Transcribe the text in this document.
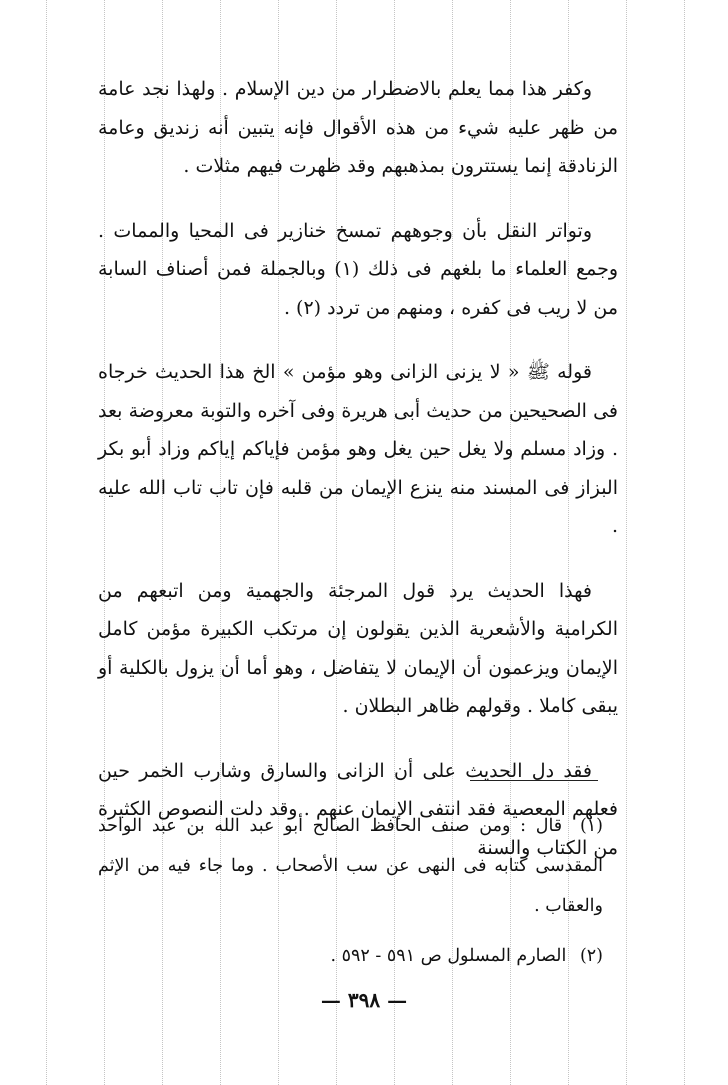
وكفر هذا مما يعلم بالاضطرار من دين الإسلام . ولهذا نجد عامة من ظهر عليه شيء من هذه الأقوال فإنه يتبين أنه زنديق وعامة الزنادقة إنما يستترون بمذهبهم وقد ظهرت فيهم مثلات .

وتواتر النقل بأن وجوههم تمسخ خنازير فى المحيا والممات . وجمع العلماء ما بلغهم فى ذلك (١) وبالجملة فمن أصناف السابة من لا ريب فى كفره ، ومنهم من تردد (٢) .

قوله ﷺ « لا يزنى الزانى وهو مؤمن » الخ هذا الحديث خرجاه فى الصحيحين من حديث أبى هريرة وفى آخره والتوبة معروضة بعد . وزاد مسلم ولا يغل حين يغل وهو مؤمن فإياكم إياكم وزاد أبو بكر البزاز فى المسند منه ينزع الإيمان من قلبه فإن تاب تاب الله عليه .

فهذا الحديث يرد قول المرجئة والجهمية ومن اتبعهم من الكرامية والأشعرية الذين يقولون إن مرتكب الكبيرة مؤمن كامل الإيمان ويزعمون أن الإيمان لا يتفاضل ، وهو أما أن يزول بالكلية أو يبقى كاملا . وقولهم ظاهر البطلان .

فقد دل الحديث على أن الزانى والسارق وشارب الخمر حين فعلهم المعصية فقد انتفى الإيمان عنهم . وقد دلت النصوص الكثيرة من الكتاب والسنة

(١) قال : ومن صنف الحافظ الصالح أبو عبد الله بن عبد الواحد المقدسى كتابه فى النهى عن سب الأصحاب . وما جاء فيه من الإثم والعقاب .

(٢) الصارم المسلول ص ٥٩١ - ٥٩٢ .

— ٣٩٨ —
